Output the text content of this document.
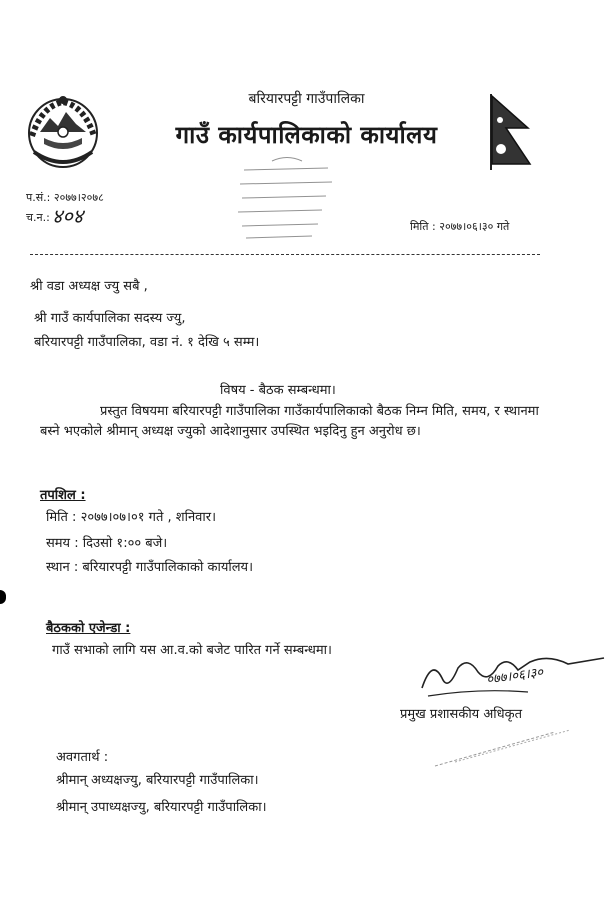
बरियारपट्टी गाउँपालिका
गाउँ कार्यपालिकाको कार्यालय
प.सं.: २०७७।२०७८
च.न.: ४०४	मिति : २०७७।०६।३० गते
श्री वडा अध्यक्ष ज्यु सबै ,
श्री गाउँ कार्यपालिका सदस्य ज्यु,
बरियारपट्टी गाउँपालिका, वडा नं. १ देखि ५ सम्म।
विषय - बैठक सम्बन्धमा।
प्रस्तुत विषयमा बरियारपट्टी गाउँपालिका गाउँकार्यपालिकाको बैठक निम्न मिति, समय, र स्थानमा बस्ने भएकोले श्रीमान् अध्यक्ष ज्युको आदेशानुसार उपस्थित भइदिनु हुन अनुरोध छ।
तपशिल :
मिति : २०७७।०७।०१ गते , शनिवार।
समय : दिउसो १:०० बजे।
स्थान : बरियारपट्टी गाउँपालिकाको कार्यालय।
बैठकको एजेन्डा :
गाउँ सभाको लागि यस आ.व.को बजेट पारित गर्ने सम्बन्धमा।
०७७।०६।३०
प्रमुख प्रशासकीय अधिकृत
अवगतार्थ :
श्रीमान् अध्यक्षज्यु, बरियारपट्टी गाउँपालिका।
श्रीमान् उपाध्यक्षज्यु, बरियारपट्टी गाउँपालिका।
